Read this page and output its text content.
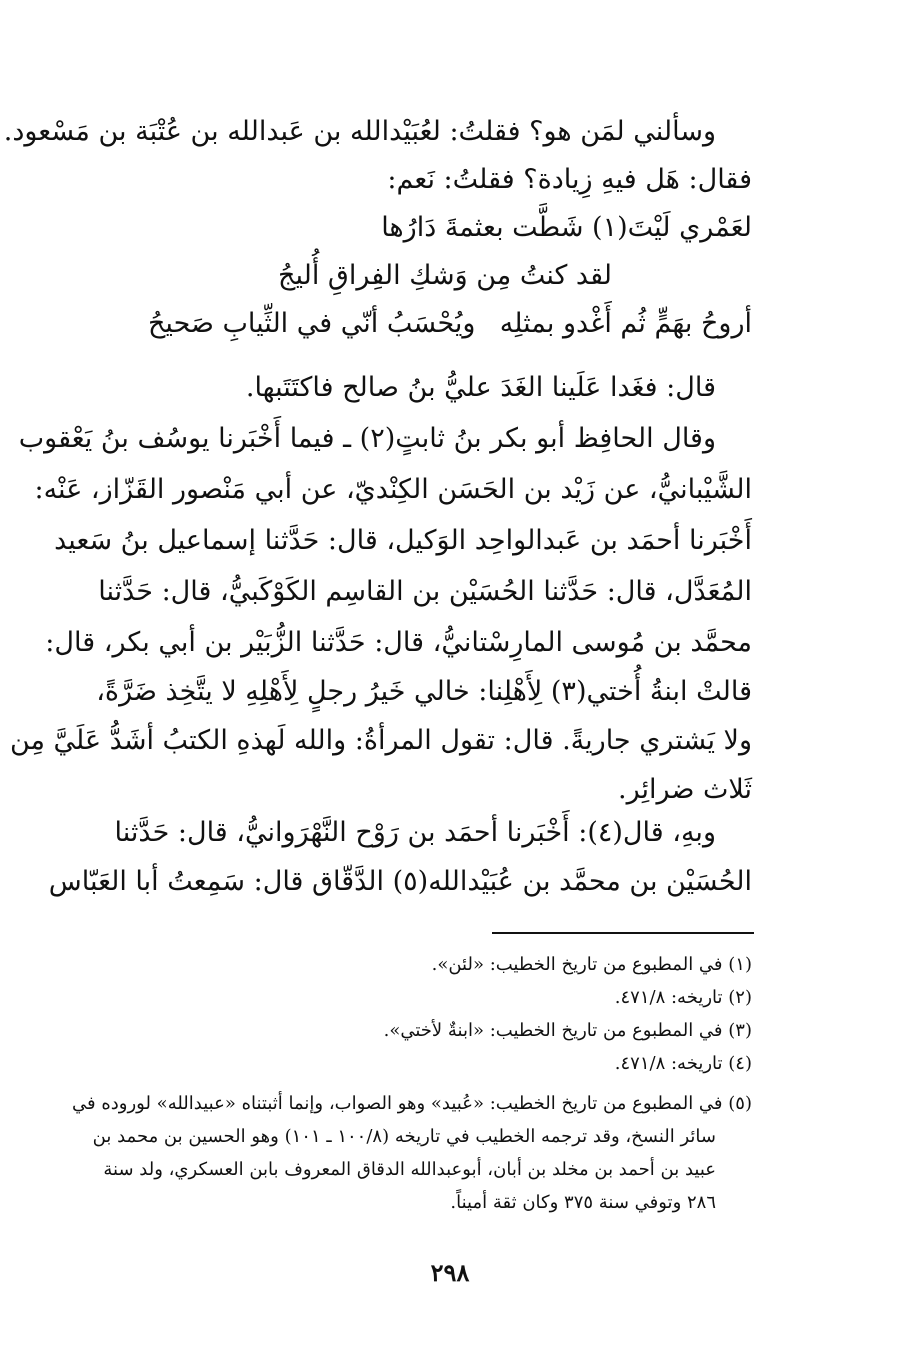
وسألني لمَن هو؟ فقلتُ: لعُبَيْدالله بن عَبدالله بن عُتْبَة بن مَسْعود.
فقال: هَل فيهِ زِيادة؟ فقلتُ: نَعم:
لعَمْري لَيْتَ(١) شَطَّت بعثمةَ دَارُها
لقد كنتُ مِن وَشكِ الفِراقِ أُليجُ
أروحُ بهَمٍّ ثُم أَغْدو بمثلِه
ويُحْسَبُ أنّي في الثِّيابِ صَحيحُ
قال: فغَدا عَلَينا الغَدَ عليُّ بنُ صالح فاكتَتَبها.
وقال الحافِظ أبو بكر بنُ ثابتٍ(٢) ـ فيما أَخْبَرنا يوسُف بنُ يَعْقوب
الشَّيْبانيُّ، عن زَيْد بن الحَسَن الكِنْديّ، عن أبي مَنْصور القَزّاز، عَنْه:
أَخْبَرنا أحمَد بن عَبدالواحِد الوَكيل، قال: حَدَّثنا إسماعيل بنُ سَعيد
المُعَدَّل، قال: حَدَّثنا الحُسَيْن بن القاسِم الكَوْكَبيُّ، قال: حَدَّثنا
محمَّد بن مُوسى المارِسْتانيُّ، قال: حَدَّثنا الزُّبَيْر بن أبي بكر، قال:
قالتْ ابنةُ أُختي(٣) لِأَهْلِنا: خالي خَيرُ رجلٍ لِأَهْلِهِ لا يتَّخِذ ضَرَّةً،
ولا يَشتري جاريةً. قال: تقول المرأةُ: والله لَهذهِ الكتبُ أشَدُّ عَلَيَّ مِن
ثَلاث ضرائِر.
وبهِ، قال(٤): أَخْبَرنا أحمَد بن رَوْح النَّهْرَوانيُّ، قال: حَدَّثنا
الحُسَيْن بن محمَّد بن عُبَيْدالله(٥) الدَّقّاق قال: سَمِعتُ أبا العَبّاس
(١) في المطبوع من تاريخ الخطيب: «لئن».
(٢) تاريخه: ٤٧١/٨.
(٣) في المطبوع من تاريخ الخطيب: «ابنةٌ لأختي».
(٤) تاريخه: ٤٧١/٨.
(٥) في المطبوع من تاريخ الخطيب: «عُبيد» وهو الصواب، وإنما أثبتناه «عبيدالله» لوروده في
سائر النسخ، وقد ترجمه الخطيب في تاريخه (١٠٠/٨ ـ ١٠١) وهو الحسين بن محمد بن
عبيد بن أحمد بن مخلد بن أبان، أبوعبدالله الدقاق المعروف بابن العسكري، ولد سنة
٢٨٦ وتوفي سنة ٣٧٥ وكان ثقة أميناً.
٢٩٨
